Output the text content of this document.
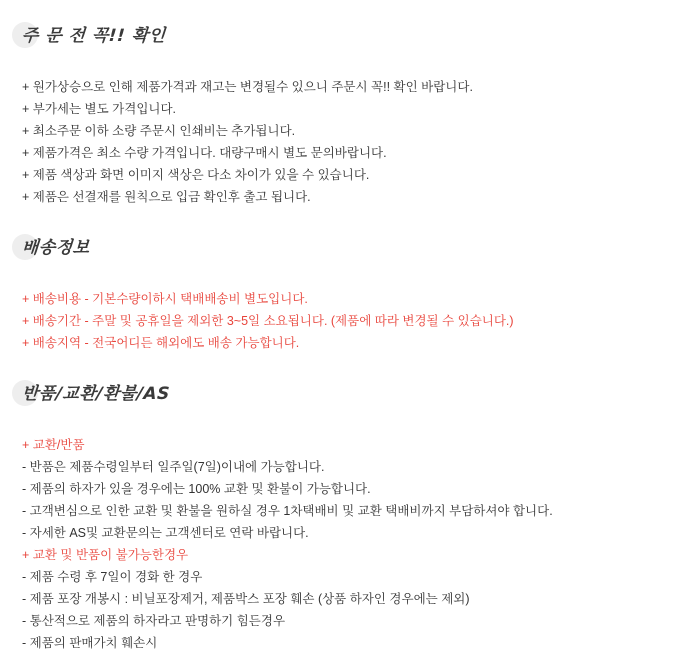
주 문 전 꼭!! 확인
+ 원가상승으로 인해 제품가격과 재고는 변경될수 있으니 주문시 꼭!! 확인 바랍니다.
+ 부가세는 별도 가격입니다.
+ 최소주문 이하 소량 주문시 인쇄비는 추가됩니다.
+ 제품가격은 최소 수량 가격입니다. 대량구매시 별도 문의바랍니다.
+ 제품 색상과 화면 이미지 색상은 다소 차이가 있을 수 있습니다.
+ 제품은 선결재를 원칙으로 입금 확인후 출고 됩니다.
배송정보
+ 배송비용 - 기본수량이하시 택배배송비 별도입니다.
+ 배송기간 - 주말 및 공휴일을 제외한 3~5일 소요됩니다. (제품에 따라 변경될 수 있습니다.)
+ 배송지역 - 전국어디든 해외에도 배송 가능합니다.
반품/교환/환불/AS
+ 교환/반품
- 반품은 제품수령일부터 일주일(7일)이내에 가능합니다.
- 제품의 하자가 있을 경우에는 100% 교환 및 환불이 가능합니다.
- 고객변심으로 인한 교환 및 환불을 원하실 경우 1차택배비 및 교환 택배비까지 부담하셔야 합니다.
- 자세한 AS및 교환문의는 고객센터로 연락 바랍니다.
+ 교환 및 반품이 불가능한경우
- 제품 수령 후 7일이 경화 한 경우
- 제품 포장 개봉시 : 비닐포장제거, 제품박스 포장 훼손 (상품 하자인 경우에는 제외)
- 통산적으로 제품의 하자라고 판명하기 힘든경우
- 제품의 판매가치 훼손시
